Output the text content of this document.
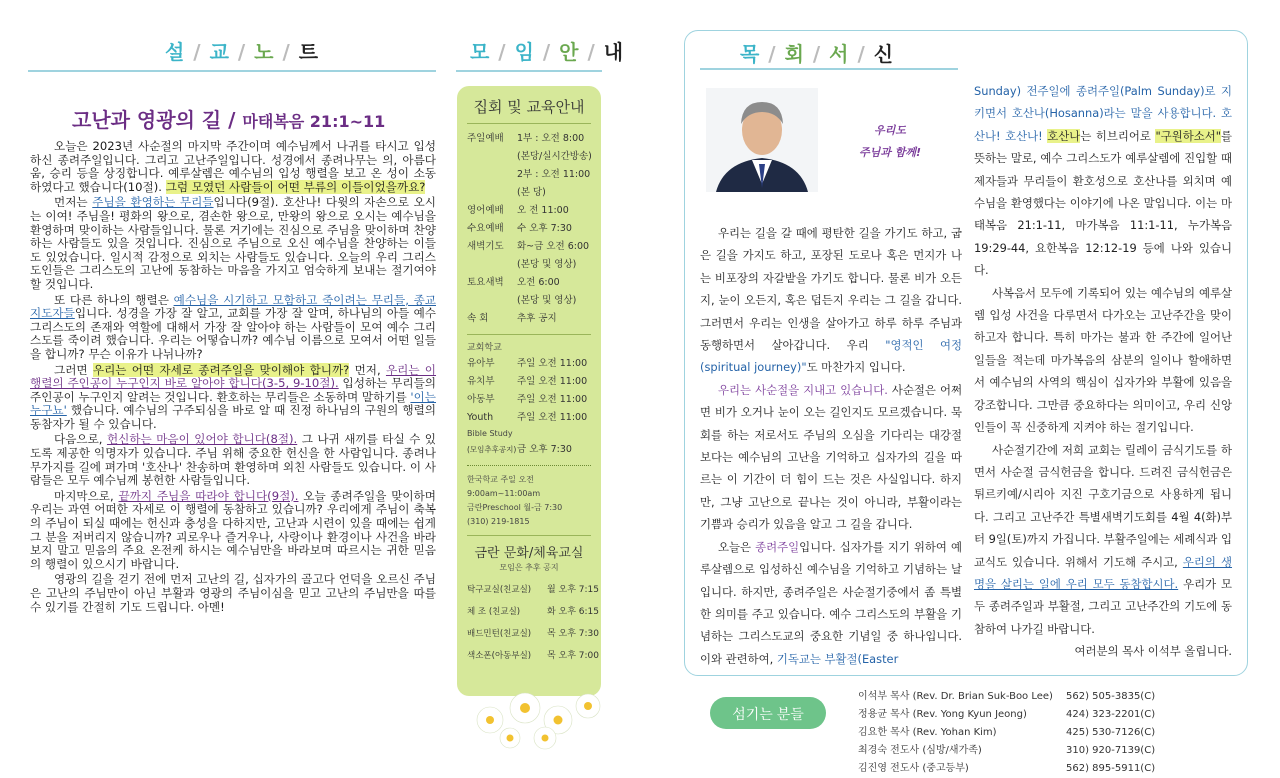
설 / 교 / 노 / 트	모 / 임 / 안 / 내
고난과 영광의 길 / 마태복음 21:1~11

오늘은 2023년 사순절의 마지막 주간이며 예수님께서 나귀를 타시고 입성하신 종려주일입니다. 그리고 고난주일입니다. 성경에서 종려나무는 의, 아름다움, 승리 등을 상징합니다. 예루살렘은 예수님의 입성 행렬을 보고 온 성이 소동하였다고 했습니다(10절). 그럼 모였던 사람들이 어떤 부류의 이들이었을까요?

먼저는 주님을 환영하는 무리들입니다(9절). 호산나! 다윗의 자손으로 오시는 이여! 주님을! 평화의 왕으로, 겸손한 왕으로, 만왕의 왕으로 오시는 예수님을 환영하며 맞이하는 사람들입니다. 물론 거기에는 진심으로 주님을 맞이하며 찬양하는 사람들도 있을 것입니다. 진심으로 주님으로 오신 예수님을 찬양하는 이들도 있었습니다. 일시적 감정으로 외치는 사람들도 있습니다. 오늘의 우리 그리스도인들은 그리스도의 고난에 동참하는 마음을 가지고 엄숙하게 보내는 절기여야 할 것입니다.

또 다른 하나의 행렬은 예수님을 시기하고 모함하고 죽이려는 무리들, 종교 지도자들입니다. 성경을 가장 잘 알고, 교회를 가장 잘 알며, 하나님의 아들 예수 그리스도의 존재와 역할에 대해서 가장 잘 알아야 하는 사람들이 모여 예수 그리스도를 죽이려 했습니다. 우리는 어떻습니까? 예수님 이름으로 모여서 어떤 일들을 합니까? 무슨 이유가 나뉘나까?

그러면 우리는 어떤 자세로 종려주일을 맞이해야 합니까? 먼저, 우리는 이 행렬의 주인공이 누구인지 바로 알아야 합니다(3-5, 9-10절). 입성하는 무리들의 주인공이 누구인지 알려는 것입니다. 환호하는 무리들은 소동하며 말하기를 '이는 누구뇨' 했습니다. 예수님의 구주되심을 바로 알 때 진정 하나님의 구원의 행렬의 동참자가 될 수 있습니다.

다음으로, 헌신하는 마음이 있어야 합니다(8절). 그 나귀 새끼를 타실 수 있도록 제공한 익명자가 있습니다. 주님 위해 중요한 헌신을 한 사람입니다. 종려나무가지를 길에 펴가며 '호산나' 찬송하며 환영하며 외친 사람들도 있습니다. 이 사람들은 모두 예수님께 봉헌한 사람들입니다.

마지막으로, 끝까지 주님을 따라야 합니다(9절). 오늘 종려주일을 맞이하며 우리는 과연 어떠한 자세로 이 행렬에 동참하고 있습니까? 우리에게 주님이 축복의 주님이 되실 때에는 헌신과 충성을 다하지만, 고난과 시련이 있을 때에는 쉽게 그 분을 저버리지 않습니까? 괴로우나 즐거우나, 사랑이나 환경이나 사건을 바라보지 말고 믿음의 주요 온전케 하시는 예수님만을 바라보며 따르시는 귀한 믿음의 행렬이 있으시기 바랍니다.

영광의 길을 걷기 전에 먼저 고난의 길, 십자가의 골고다 언덕을 오르신 주님은 고난의 주님만이 아닌 부활과 영광의 주님이심을 믿고 고난의 주님만을 따를 수 있기를 간절히 기도 드립니다. 아멘!

집회 및 교육안내
주일예배	1부 : 오전 8:00
(본당/실시간방송)
2부 : 오전 11:00
(본 당)
영어예배	오 전 11:00
수요예배	수 오후 7:30
새벽기도	화~금 오전 6:00
(본당 및 영상)
토요새벽	오전 6:00
(본당 및 영상)
속 회	추후 공지
교회학교
유아부	주일 오전 11:00
유치부	주일 오전 11:00
아동부	주일 오전 11:00
Youth	주일 오전 11:00
Bible Study
(모임추후공지) 금 오후 7:30
한국학교 주일 오전 9:00am~11:00am
금란Preschool 월-금 7:30
(310) 219-1815
금란 문화/체육교실
모임은 추후 공지
탁구교실(친교실)	월 오후 7:15
체 조 (친교실)	화 오후 6:15
배드민턴(친교실)	목 오후 7:30
색소폰(아동부실)	목 오후 7:00
목 / 회 / 서 / 신
우리도
주님과 함께!

우리는 길을 갈 때에 평탄한 길을 가기도 하고, 굽은 길을 가지도 하고, 포장된 도로나 혹은 먼지가 나는 비포장의 자갈밭을 가기도 합니다. 물론 비가 오든지, 눈이 오든지, 혹은 덥든지 우리는 그 길을 갑니다. 그러면서 우리는 인생을 살아가고 하루 하루 주님과 동행하면서 살아갑니다. 우리 "영적인 여정 (spiritual journey)"도 마찬가지 입니다.

우리는 사순절을 지내고 있습니다. 사순절은 어쩌면 비가 오거나 눈이 오는 길인지도 모르겠습니다. 묵회를 하는 저로서도 주님의 오심을 기다리는 대강절보다는 예수님의 고난을 기억하고 십자가의 길을 따르는 이 기간이 더 힘이 드는 것은 사실입니다. 하지만, 그냥 고난으로 끝나는 것이 아니라, 부활이라는 기쁨과 승리가 있음을 알고 그 길을 갑니다.

오늘은 종려주일입니다. 십자가를 지기 위하여 예루살렘으로 입성하신 예수님을 기억하고 기념하는 날입니다. 하지만, 종려주일은 사순절기중에서 좀 특별한 의미를 주고 있습니다. 예수 그리스도의 부활을 기념하는 그리스도교의 중요한 기념일 중 하나입니다. 이와 관련하여, 기독교는 부활절(Easter

Sunday) 전주일에 종려주일(Palm Sunday)로 지키면서 호산나(Hosanna)라는 말을 사용합니다. 호산나! 호산나! 호산나는 히브리어로 "구원하소서"를 뜻하는 말로, 예수 그리스도가 예루살렘에 진입할 때 제자들과 무리들이 환호성으로 호산나를 외치며 예수님을 환영했다는 이야기에 나온 말입니다. 이는 마태복음 21:1-11, 마가복음 11:1-11, 누가복음 19:29-44, 요한복음 12:12-19 등에 나와 있습니다.

사복음서 모두에 기록되어 있는 예수님의 예루살렘 입성 사건을 다루면서 다가오는 고난주간을 맞이하고자 합니다. 특히 마가는 불과 한 주간에 일어난 일들을 적는데 마가복음의 삼분의 일이나 할애하면서 예수님의 사역의 핵심이 십자가와 부활에 있음을 강조합니다. 그만큼 중요하다는 의미이고, 우리 신앙인들이 꼭 신중하게 지켜야 하는 절기입니다.

사순절기간에 저희 교회는 릴레이 금식기도를 하면서 사순절 금식헌금을 합니다. 드려진 금식헌금은 튀르키예/시리아 지진 구호기금으로 사용하게 됩니다. 그리고 고난주간 특별새벽기도회를 4월 4(화)부터 9일(토)까지 가집니다. 부활주일에는 세례식과 입교식도 있습니다. 위해서 기도해 주시고, 우리의 생명을 살리는 일에 우리 모두 동참합시다. 우리가 모두 종려주일과 부활절, 그리고 고난주간의 기도에 동참하여 나가길 바랍니다.

여러분의 목사 이석부 올립니다.

섬기는 분들
이석부 목사 (Rev. Dr. Brian Suk-Boo Lee)	562) 505-3835(C)
정용균 목사 (Rev. Yong Kyun Jeong)	424) 323-2201(C)
김요한 목사 (Rev. Yohan Kim)	425) 530-7126(C)
최경숙 전도사 (심방/새가족)	310) 920-7139(C)
김진영 전도사 (중고등부)	562) 895-5911(C)
